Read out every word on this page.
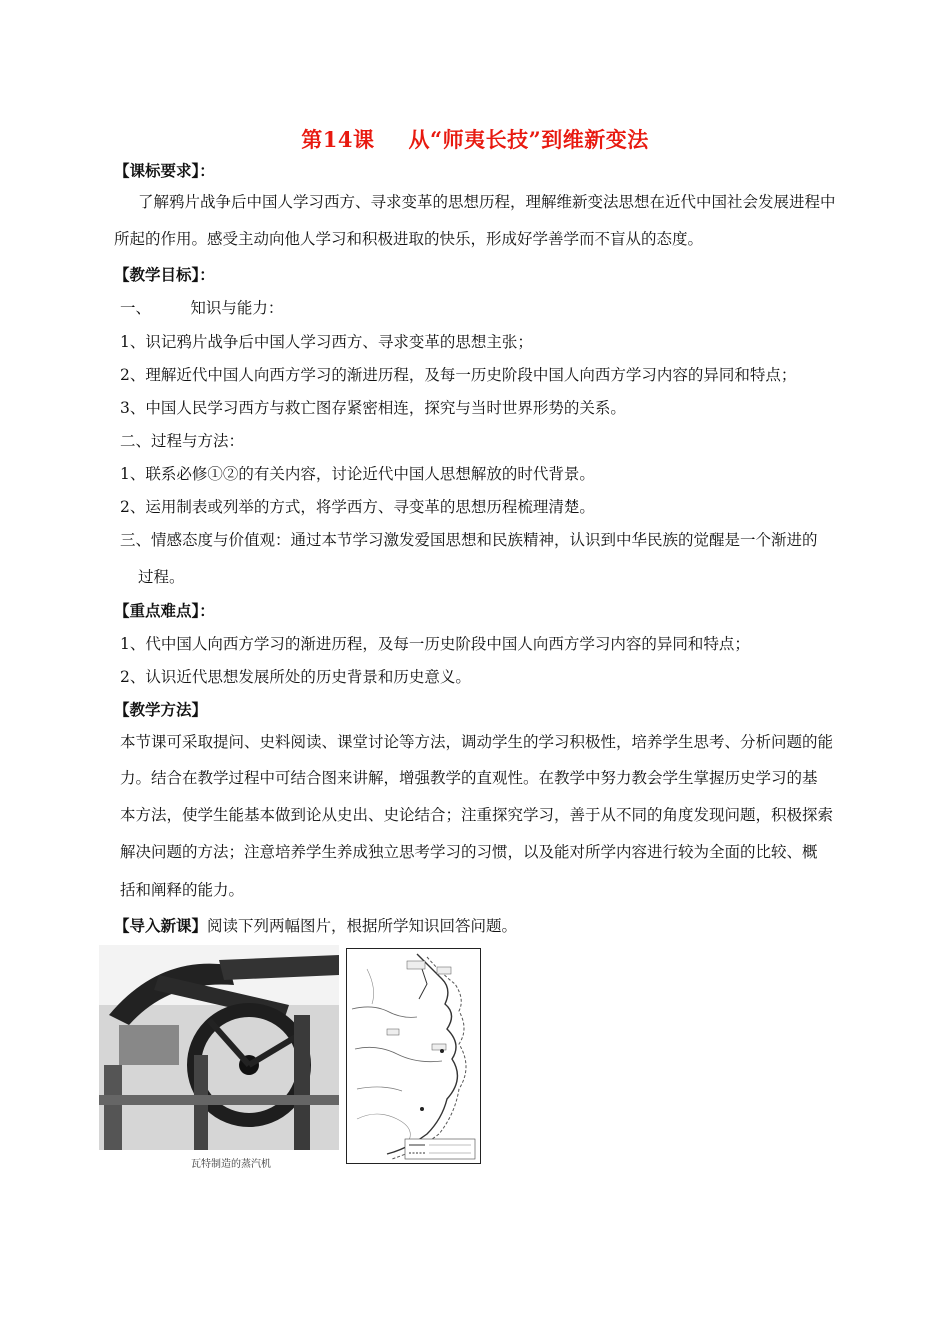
第14课 从“师夷长技”到维新变法
【课标要求】：
了解鸦片战争后中国人学习西方、寻求变革的思想历程，理解维新变法思想在近代中国社会发展进程中
所起的作用。感受主动向他人学习和积极进取的快乐，形成好学善学而不盲从的态度。
【教学目标】：
一、        知识与能力：
1、识记鸦片战争后中国人学习西方、寻求变革的思想主张；
2、理解近代中国人向西方学习的渐进历程，及每一历史阶段中国人向西方学习内容的异同和特点；
3、中国人民学习西方与救亡图存紧密相连，探究与当时世界形势的关系。
二、过程与方法：
1、联系必修①②的有关内容，讨论近代中国人思想解放的时代背景。
2、运用制表或列举的方式，将学西方、寻变革的思想历程梳理清楚。
三、情感态度与价值观：通过本节学习激发爱国思想和民族精神，认识到中华民族的觉醒是一个渐进的
过程。
【重点难点】：
1、代中国人向西方学习的渐进历程，及每一历史阶段中国人向西方学习内容的异同和特点；
2、认识近代思想发展所处的历史背景和历史意义。
【教学方法】
本节课可采取提问、史料阅读、课堂讨论等方法，调动学生的学习积极性，培养学生思考、分析问题的能
力。结合在教学过程中可结合图来讲解，增强教学的直观性。在教学中努力教会学生掌握历史学习的基
本方法，使学生能基本做到论从史出、史论结合；注重探究学习，善于从不同的角度发现问题，积极探索
解决问题的方法；注意培养学生养成独立思考学习的习惯，以及能对所学内容进行较为全面的比较、概
括和阐释的能力。
【导入新课】阅读下列两幅图片，根据所学知识回答问题。
瓦特制造的蒸汽机
